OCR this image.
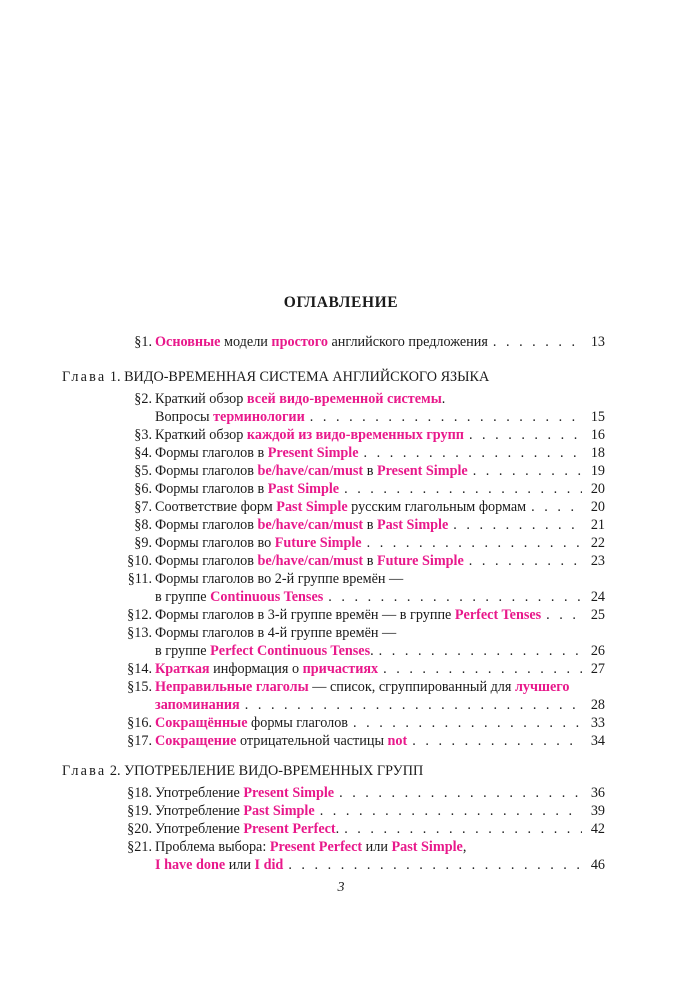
ОГЛАВЛЕНИЕ
Глава 1. ВИДО-ВРЕМЕННАЯ СИСТЕМА АНГЛИЙСКОГО ЯЗЫКА
Глава 2. УПОТРЕБЛЕНИЕ ВИДО-ВРЕМЕННЫХ ГРУПП
§1. Основные модели простого английского предложения . . .	13
§2. Краткий обзор всей видо-временной системы.
Вопросы терминологии . . .	15
§3. Краткий обзор каждой из видо-временных групп . . .	16
§4. Формы глаголов в Present Simple . . .	18
§5. Формы глаголов be/have/can/must в Present Simple . . .	19
§6. Формы глаголов в Past Simple . . .	20
§7. Соответствие форм Past Simple русским глагольным формам . . .	20
§8. Формы глаголов be/have/can/must в Past Simple . . .	21
§9. Формы глаголов во Future Simple . . .	22
§10. Формы глаголов be/have/can/must в Future Simple . . .	23
§11. Формы глаголов во 2-й группе времён —
в группе Continuous Tenses . . .	24
§12. Формы глаголов в 3-й группе времён — в группе Perfect Tenses . . .	25
§13. Формы глаголов в 4-й группе времён —
в группе Perfect Continuous Tenses. . . .	26
§14. Краткая информация о причастиях . . .	27
§15. Неправильные глаголы — список, сгруппированный для лучшего
запоминания . . .	28
§16. Сокращённые формы глаголов . . .	33
§17. Сокращение отрицательной частицы not . . .	34
§18. Употребление Present Simple . . .	36
§19. Употребление Past Simple . . .	39
§20. Употребление Present Perfect. . . .	42
§21. Проблема выбора: Present Perfect или Past Simple,
I have done или I did . . .	46
3
